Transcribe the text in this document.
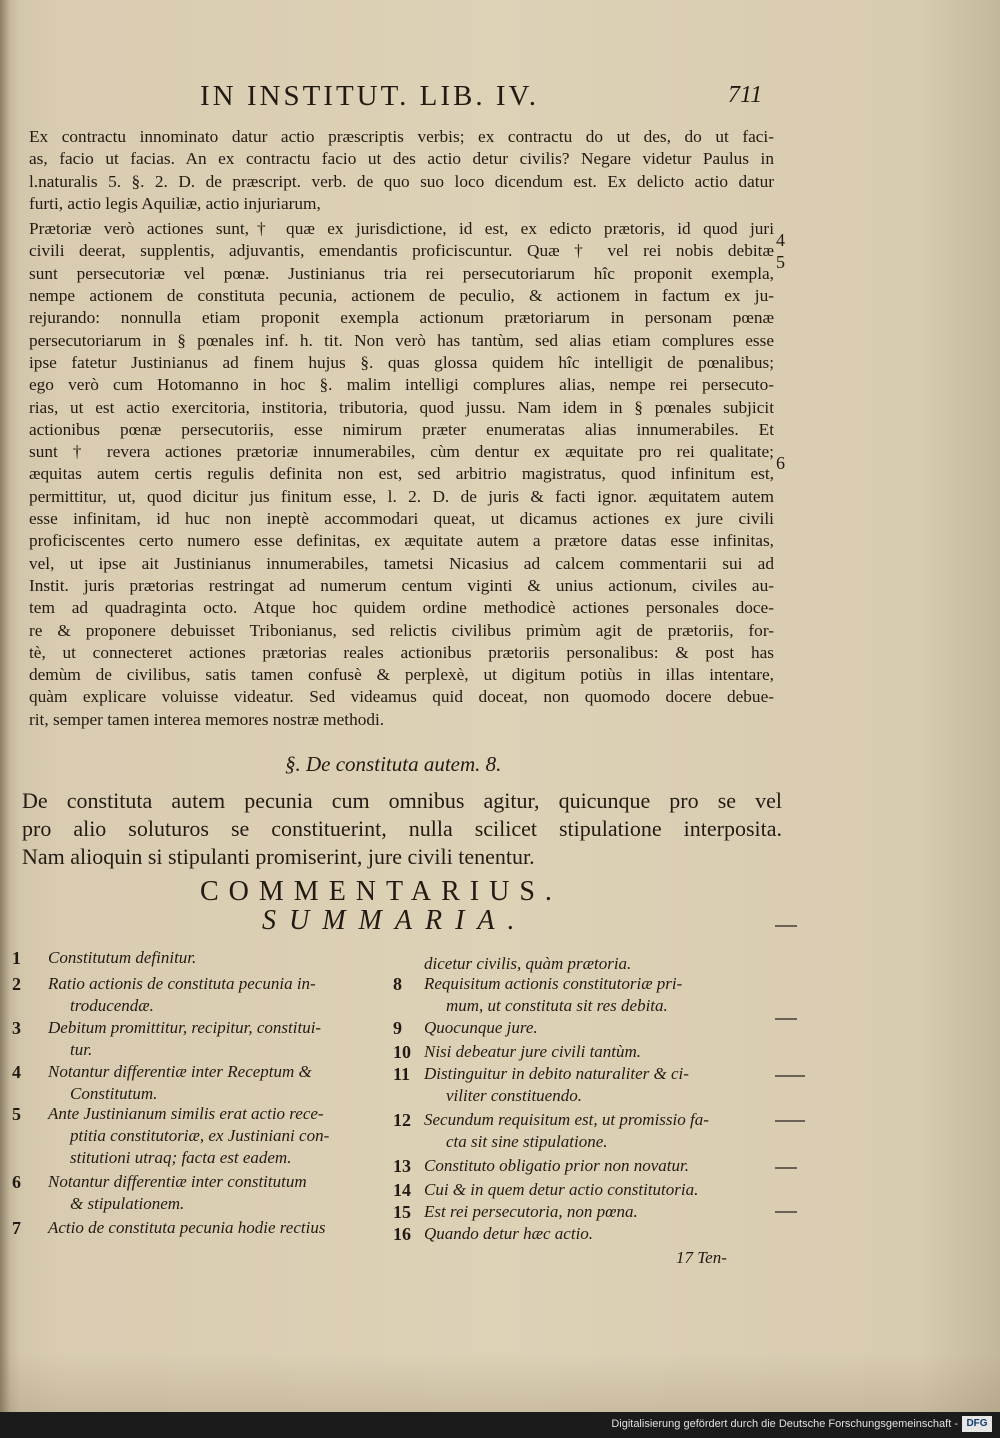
IN INSTITUT. LIB. IV.	711
Ex contractu innominato datur actio præscriptis verbis; ex contractu do ut des, do ut faci-
as, facio ut facias. An ex contractu facio ut des actio detur civilis? Negare videtur Paulus in
l.naturalis 5. §. 2. D. de præscript. verb. de quo suo loco dicendum est. Ex delicto actio datur
furti, actio legis Aquiliæ, actio injuriarum,
Prætoriæ verò actiones sunt,† quæ ex jurisdictione, id est, ex edicto prætoris, id quod juri
civili deerat, supplentis, adjuvantis, emendantis proficiscuntur. Quæ † vel rei nobis debitæ
sunt persecutoriæ vel pœnæ. Justinianus tria rei persecutoriarum hîc proponit exempla,
nempe actionem de constituta pecunia, actionem de peculio, & actionem in factum ex ju-
rejurando: nonnulla etiam proponit exempla actionum prætoriarum in personam pœnæ
persecutoriarum in § pœnales inf. h. tit. Non verò has tantùm, sed alias etiam complures esse
ipse fatetur Justinianus ad finem hujus §. quas glossa quidem hîc intelligit de pœnalibus;
ego verò cum Hotomanno in hoc §. malim intelligi complures alias, nempe rei persecuto-
rias, ut est actio exercitoria, institoria, tributoria, quod jussu. Nam idem in § pœnales subjicit
actionibus pœnæ persecutoriis, esse nimirum præter enumeratas alias innumerabiles. Et
sunt † revera actiones prætoriæ innumerabiles, cùm dentur ex æquitate pro rei qualitate;
æquitas autem certis regulis definita non est, sed arbitrio magistratus, quod infinitum est,
permittitur, ut, quod dicitur jus finitum esse, l. 2. D. de juris & facti ignor. æquitatem autem
esse infinitam, id huc non ineptè accommodari queat, ut dicamus actiones ex jure civili
proficiscentes certo numero esse definitas, ex æquitate autem a prætore datas esse infinitas,
vel, ut ipse ait Justinianus innumerabiles, tametsi Nicasius ad calcem commentarii sui ad
Instit. juris prætorias restringat ad numerum centum viginti & unius actionum, civiles au-
tem ad quadraginta octo. Atque hoc quidem ordine methodicè actiones personales doce-
re & proponere debuisset Tribonianus, sed relictis civilibus primùm agit de prætoriis, for-
tè, ut connecteret actiones prætorias reales actionibus prætoriis personalibus: & post has
demùm de civilibus, satis tamen confusè & perplexè, ut digitum potiùs in illas intentare,
quàm explicare voluisse videatur. Sed videamus quid doceat, non quomodo docere debue-
rit, semper tamen interea memores nostræ methodi.
4
5
6
§. De constituta autem. 8.
De constituta autem pecunia cum omnibus agitur, quicunque pro se vel
pro alio soluturos se constituerint, nulla scilicet stipulatione interposita.
Nam alioquin si stipulanti promiserint, jure civili tenentur.
COMMENTARIUS.
SUMMARIA.
1 Constitutum definitur.
2 Ratio actionis de constituta pecunia in-
troducendæ.
3 Debitum promittitur, recipitur, constitui-
tur.
4 Notantur differentiæ inter Receptum &
Constitutum.
5 Ante Justinianum similis erat actio rece-
ptitia constitutoriæ, ex Justiniani con-
stitutioni utraq; facta est eadem.
6 Notantur differentiæ inter constitutum
& stipulationem.
7 Actio de constituta pecunia hodie rectius
dicetur civilis, quàm prætoria.
8 Requisitum actionis constitutoriæ pri-
mum, ut constituta sit res debita.
9 Quocunque jure.
10 Nisi debeatur jure civili tantùm.
11 Distinguitur in debito naturaliter & ci-
viliter constituendo.
12 Secundum requisitum est, ut promissio fa-
cta sit sine stipulatione.
13 Constituto obligatio prior non novatur.
14 Cui & in quem detur actio constitutoria.
15 Est rei persecutoria, non pœna.
16 Quando detur hæc actio.
17 Ten-
Digitalisierung gefördert durch die Deutsche Forschungsgemeinschaft - DFG
